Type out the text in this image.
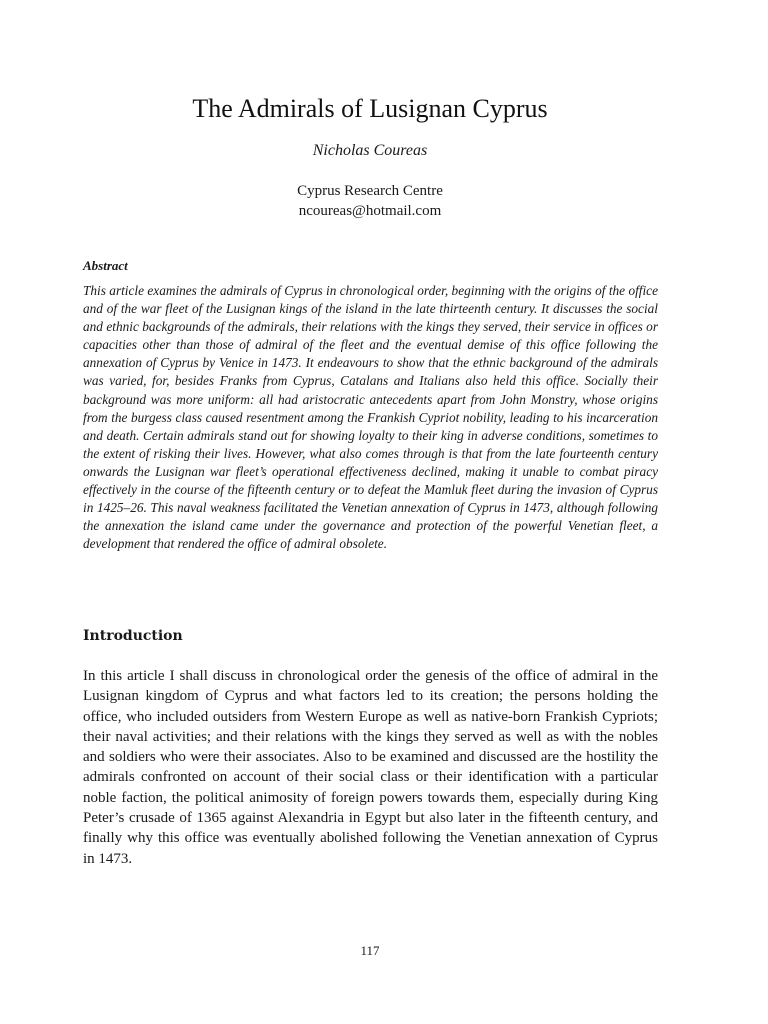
The Admirals of Lusignan Cyprus
Nicholas Coureas
Cyprus Research Centre
ncoureas@hotmail.com
Abstract

This article examines the admirals of Cyprus in chronological order, beginning with the origins of the office and of the war fleet of the Lusignan kings of the island in the late thirteenth century. It discusses the social and ethnic backgrounds of the admirals, their relations with the kings they served, their service in offices or capacities other than those of admiral of the fleet and the eventual demise of this office following the annexation of Cyprus by Venice in 1473. It endeavours to show that the ethnic background of the admirals was varied, for, besides Franks from Cyprus, Catalans and Italians also held this office. Socially their background was more uniform: all had aristocratic antecedents apart from John Monstry, whose origins from the burgess class caused resentment among the Frankish Cypriot nobility, leading to his incarceration and death. Certain admirals stand out for showing loyalty to their king in adverse conditions, sometimes to the extent of risking their lives. However, what also comes through is that from the late fourteenth century onwards the Lusignan war fleet’s operational effectiveness declined, making it unable to combat piracy effectively in the course of the fifteenth century or to defeat the Mamluk fleet during the invasion of Cyprus in 1425–26. This naval weakness facilitated the Venetian annexation of Cyprus in 1473, although following the annexation the island came under the governance and protection of the powerful Venetian fleet, a development that rendered the office of admiral obsolete.

Introduction

In this article I shall discuss in chronological order the genesis of the office of admiral in the Lusignan kingdom of Cyprus and what factors led to its creation; the persons holding the office, who included outsiders from Western Europe as well as native-born Frankish Cypriots; their naval activities; and their relations with the kings they served as well as with the nobles and soldiers who were their associates. Also to be examined and discussed are the hostility the admirals confronted on account of their social class or their identification with a particular noble faction, the political animosity of foreign powers towards them, especially during King Peter’s crusade of 1365 against Alexandria in Egypt but also later in the fifteenth century, and finally why this office was eventually abolished following the Venetian annexation of Cyprus in 1473.

117
